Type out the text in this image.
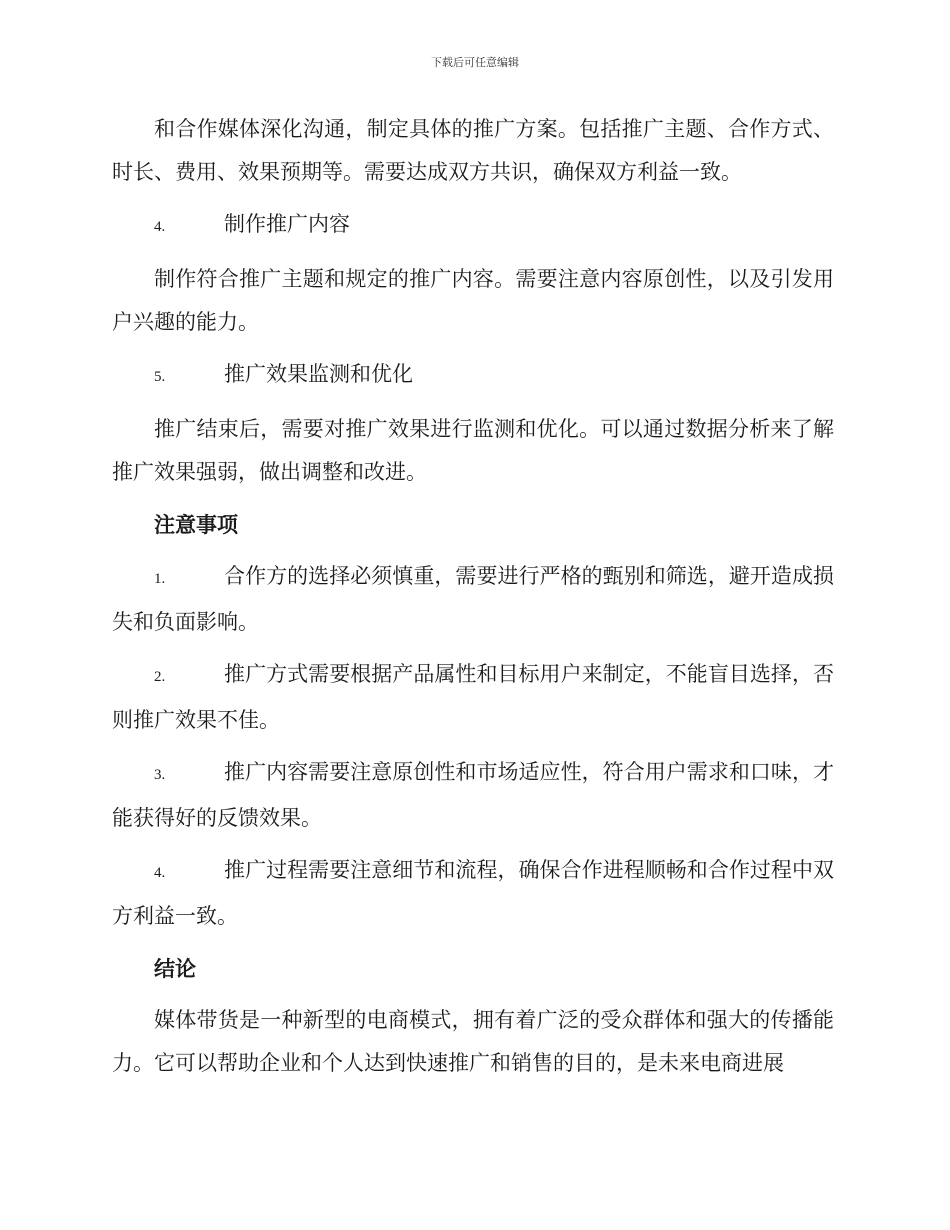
下载后可任意编辑

和合作媒体深化沟通，制定具体的推广方案。包括推广主题、合作方式、时长、费用、效果预期等。需要达成双方共识，确保双方利益一致。

4.	制作推广内容

制作符合推广主题和规定的推广内容。需要注意内容原创性，以及引发用户兴趣的能力。

5.	推广效果监测和优化

推广结束后，需要对推广效果进行监测和优化。可以通过数据分析来了解推广效果强弱，做出调整和改进。

注意事项

1.	合作方的选择必须慎重，需要进行严格的甄别和筛选，避开造成损失和负面影响。

2.	推广方式需要根据产品属性和目标用户来制定，不能盲目选择，否则推广效果不佳。

3.	推广内容需要注意原创性和市场适应性，符合用户需求和口味，才能获得好的反馈效果。

4.	推广过程需要注意细节和流程，确保合作进程顺畅和合作过程中双方利益一致。

结论

媒体带货是一种新型的电商模式，拥有着广泛的受众群体和强大的传播能力。它可以帮助企业和个人达到快速推广和销售的目的，是未来电商进展
